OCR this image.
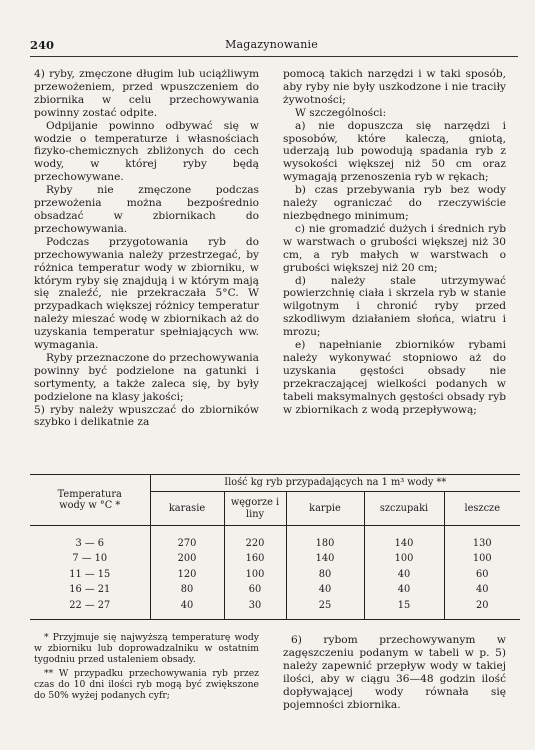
240	Magazynowanie

4) ryby, zmęczone długim lub uciążliwym przewożeniem, przed wpuszczeniem do zbiornika w celu przechowywania powinny zostać odpite.

Odpijanie powinno odbywać się w wodzie o temperaturze i własnościach fizyko-chemicznych zbliżonych do cech wody, w której ryby będą przechowywane.

Ryby nie zmęczone podczas przewożenia można bezpośrednio obsadzać w zbiornikach do przechowywania.

Podczas przygotowania ryb do przechowywania należy przestrzegać, by różnica temperatur wody w zbiorniku, w którym ryby się znajdują i w którym mają się znaleźć, nie przekraczała 5°C. W przypadkach większej różnicy temperatur należy mieszać wodę w zbiornikach aż do uzyskania temperatur spełniających ww. wymagania.

Ryby przeznaczone do przechowywania powinny być podzielone na gatunki i sortymenty, a także zaleca się, by były podzielone na klasy jakości;

5) ryby należy wpuszczać do zbiorników szybko i delikatnie za

pomocą takich narzędzi i w taki sposób, aby ryby nie były uszkodzone i nie traciły żywotności;

W szczególności:

a) nie dopuszcza się narzędzi i sposobów, które kaleczą, gniotą, uderzają lub powodują spadania ryb z wysokości większej niż 50 cm oraz wymagają przenoszenia ryb w rękach;

b) czas przebywania ryb bez wody należy ograniczać do rzeczywiście niezbędnego minimum;

c) nie gromadzić dużych i średnich ryb w warstwach o grubości większej niż 30 cm, a ryb małych w warstwach o grubości większej niż 20 cm;

d) należy stale utrzymywać powierzchnię ciała i skrzela ryb w stanie wilgotnym i chronić ryby przed szkodliwym działaniem słońca, wiatru i mrozu;

e) napełnianie zbiorników rybami należy wykonywać stopniowo aż do uzyskania gęstości obsady nie przekraczającej wielkości podanych w tabeli maksymalnych gęstości obsady ryb w zbiornikach z wodą przepływową;

Temperatura wody w °C *	Ilość kg ryb przypadających na 1 m³ wody **				
	karasie	węgorze i liny	karpie	szczupaki	leszcze
3 — 6	270	220	180	140	130
7 — 10	200	160	140	100	100
11 — 15	120	100	80	40	60
16 — 21	80	60	40	40	40
22 — 27	40	30	25	15	20

* Przyjmuje się najwyższą temperaturę wody w zbiorniku lub doprowadzalniku w ostatnim tygodniu przed ustaleniem obsady.

** W przypadku przechowywania ryb przez czas do 10 dni ilości ryb mogą być zwiększone do 50% wyżej podanych cyfr;

6) rybom przechowywanym w zagęszczeniu podanym w tabeli w p. 5) należy zapewnić przepływ wody w takiej ilości, aby w ciągu 36—48 godzin ilość dopływającej wody równała się pojemności zbiornika.
